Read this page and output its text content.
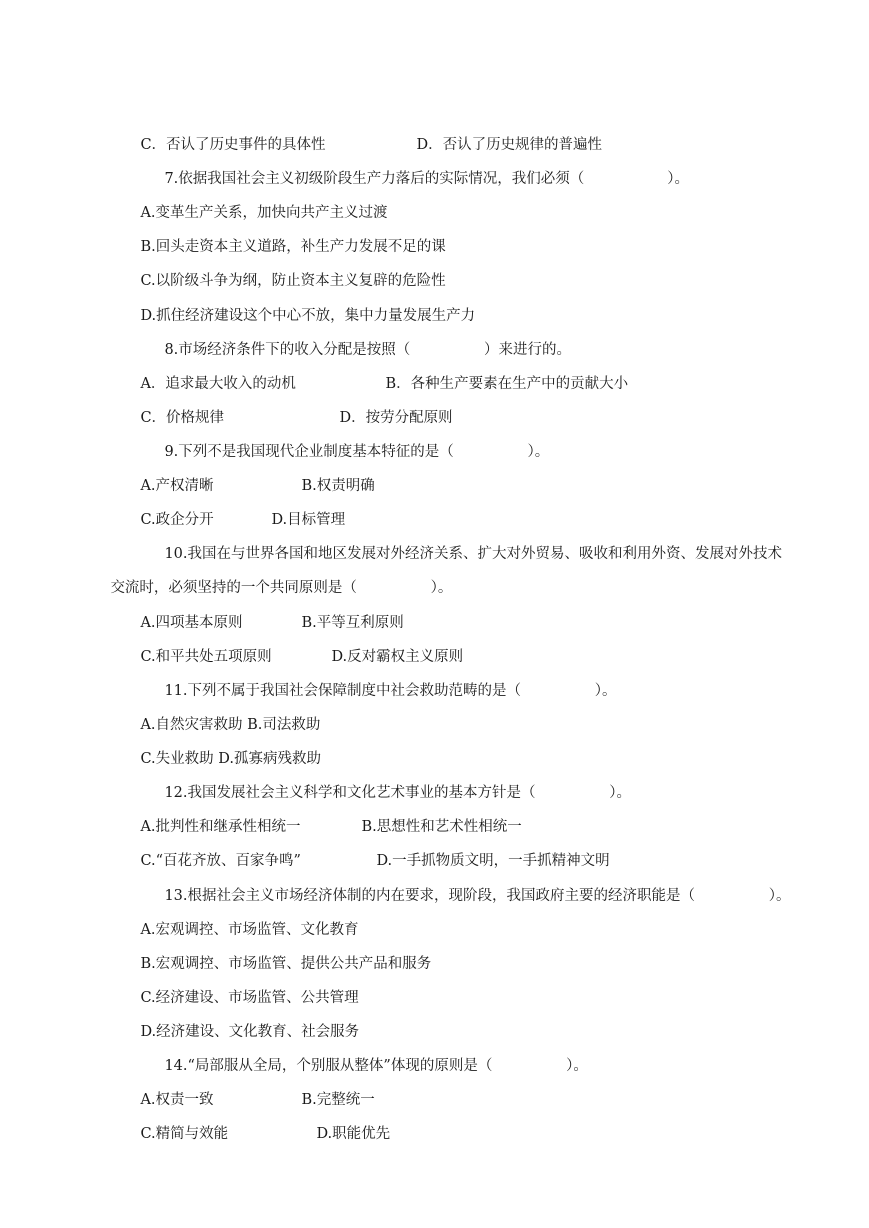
C．否认了历史事件的具体性	D．否认了历史规律的普遍性

7.依据我国社会主义初级阶段生产力落后的实际情况，我们必须（                  ）。

A.变革生产关系，加快向共产主义过渡

B.回头走资本主义道路，补生产力发展不足的课

C.以阶级斗争为纲，防止资本主义复辟的危险性

D.抓住经济建设这个中心不放，集中力量发展生产力

8.市场经济条件下的收入分配是按照（                ）来进行的。

A．追求最大收入的动机	B．各种生产要素在生产中的贡献大小

C．价格规律	D．按劳分配原则

9.下列不是我国现代企业制度基本特征的是（                ）。

A.产权清晰	B.权责明确

C.政企分开	D.目标管理

10.我国在与世界各国和地区发展对外经济关系、扩大对外贸易、吸收和利用外资、发展对外技术

交流时，必须坚持的一个共同原则是（                ）。

A.四项基本原则	B.平等互利原则

C.和平共处五项原则	D.反对霸权主义原则

11.下列不属于我国社会保障制度中社会救助范畴的是（                ）。

A.自然灾害救助 B.司法救助

C.失业救助 D.孤寡病残救助

12.我国发展社会主义科学和文化艺术事业的基本方针是（                ）。

A.批判性和继承性相统一	B.思想性和艺术性相统一

C.“百花齐放、百家争鸣”	D.一手抓物质文明，一手抓精神文明

13.根据社会主义市场经济体制的内在要求，现阶段，我国政府主要的经济职能是（                ）。

A.宏观调控、市场监管、文化教育

B.宏观调控、市场监管、提供公共产品和服务

C.经济建设、市场监管、公共管理

D.经济建设、文化教育、社会服务

14.“局部服从全局，个别服从整体”体现的原则是（                ）。

A.权责一致	B.完整统一

C.精简与效能	D.职能优先
